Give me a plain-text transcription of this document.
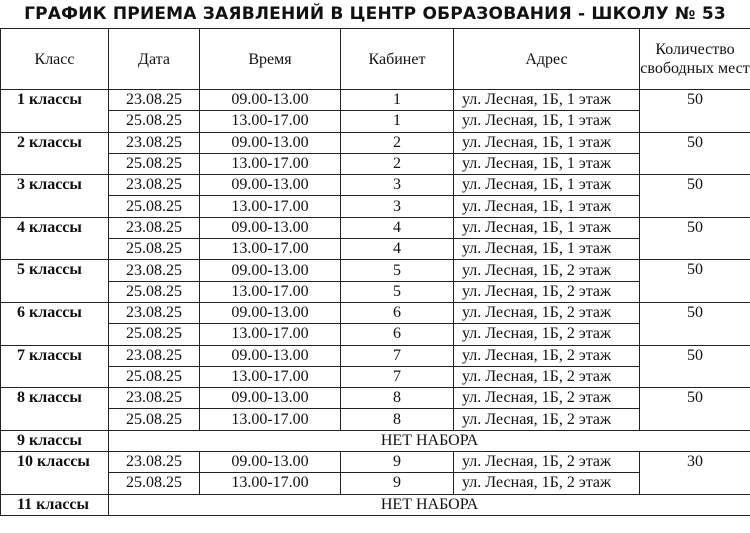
ГРАФИК ПРИЕМА ЗАЯВЛЕНИЙ В ЦЕНТР ОБРАЗОВАНИЯ - ШКОЛУ № 53
Класс	Дата	Время	Кабинет	Адрес	Количество свободных мест
1 классы	23.08.25	09.00-13.00	1	ул. Лесная, 1Б, 1 этаж	50
	25.08.25	13.00-17.00	1	ул. Лесная, 1Б, 1 этаж	
2 классы	23.08.25	09.00-13.00	2	ул. Лесная, 1Б, 1 этаж	50
	25.08.25	13.00-17.00	2	ул. Лесная, 1Б, 1 этаж	
3 классы	23.08.25	09.00-13.00	3	ул. Лесная, 1Б, 1 этаж	50
	25.08.25	13.00-17.00	3	ул. Лесная, 1Б, 1 этаж	
4 классы	23.08.25	09.00-13.00	4	ул. Лесная, 1Б, 1 этаж	50
	25.08.25	13.00-17.00	4	ул. Лесная, 1Б, 1 этаж	
5 классы	23.08.25	09.00-13.00	5	ул. Лесная, 1Б, 2 этаж	50
	25.08.25	13.00-17.00	5	ул. Лесная, 1Б, 2 этаж	
6 классы	23.08.25	09.00-13.00	6	ул. Лесная, 1Б, 2 этаж	50
	25.08.25	13.00-17.00	6	ул. Лесная, 1Б, 2 этаж	
7 классы	23.08.25	09.00-13.00	7	ул. Лесная, 1Б, 2 этаж	50
	25.08.25	13.00-17.00	7	ул. Лесная, 1Б, 2 этаж	
8 классы	23.08.25	09.00-13.00	8	ул. Лесная, 1Б, 2 этаж	50
	25.08.25	13.00-17.00	8	ул. Лесная, 1Б, 2 этаж	
9 классы	НЕТ НАБОРА				
10 классы	23.08.25	09.00-13.00	9	ул. Лесная, 1Б, 2 этаж	30
	25.08.25	13.00-17.00	9	ул. Лесная, 1Б, 2 этаж	
11 классы	НЕТ НАБОРА				
